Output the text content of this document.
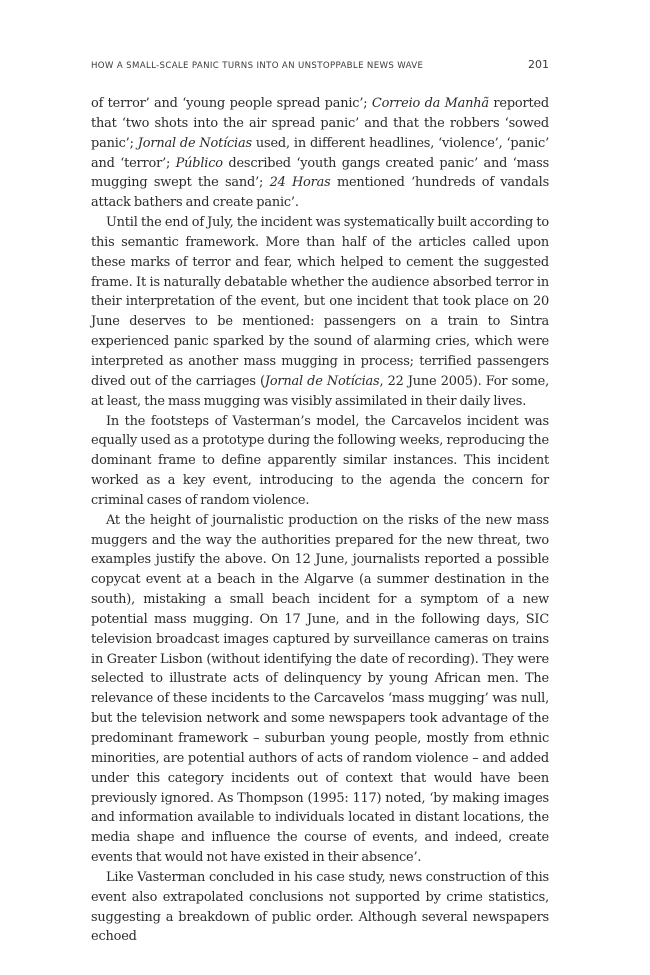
HOW A SMALL-SCALE PANIC TURNS INTO AN UNSTOPPABLE NEWS WAVE	201

of terror’ and ‘young people spread panic’; Correio da Manhã reported that ‘two shots into the air spread panic’ and that the robbers ‘sowed panic’; Jornal de Notícias used, in different headlines, ‘violence’, ‘panic’ and ‘terror’; Público described ‘youth gangs created panic’ and ‘mass mugging swept the sand’; 24 Horas mentioned ‘hundreds of vandals attack bathers and create panic’.

Until the end of July, the incident was systematically built according to this semantic framework. More than half of the articles called upon these marks of terror and fear, which helped to cement the suggested frame. It is naturally debatable whether the audience absorbed terror in their interpretation of the event, but one incident that took place on 20 June deserves to be mentioned: passengers on a train to Sintra experienced panic sparked by the sound of alarming cries, which were interpreted as another mass mugging in process; terrified passengers dived out of the carriages (Jornal de Notícias, 22 June 2005). For some, at least, the mass mugging was visibly assimilated in their daily lives.

In the footsteps of Vasterman’s model, the Carcavelos incident was equally used as a prototype during the following weeks, reproducing the dominant frame to define apparently similar instances. This incident worked as a key event, introducing to the agenda the concern for criminal cases of random violence.

At the height of journalistic production on the risks of the new mass muggers and the way the authorities prepared for the new threat, two examples justify the above. On 12 June, journalists reported a possible copycat event at a beach in the Algarve (a summer destination in the south), mistaking a small beach incident for a symptom of a new potential mass mugging. On 17 June, and in the following days, SIC television broadcast images captured by surveillance cameras on trains in Greater Lisbon (without identifying the date of recording). They were selected to illustrate acts of delinquency by young African men. The relevance of these incidents to the Carcavelos ‘mass mugging’ was null, but the television network and some newspapers took advantage of the predominant framework – suburban young people, mostly from ethnic minorities, are potential authors of acts of random violence – and added under this category incidents out of context that would have been previously ignored. As Thompson (1995: 117) noted, ‘by making images and information available to individuals located in distant locations, the media shape and influence the course of events, and indeed, create events that would not have existed in their absence’.

Like Vasterman concluded in his case study, news construction of this event also extrapolated conclusions not supported by crime statistics, suggesting a breakdown of public order. Although several newspapers echoed
